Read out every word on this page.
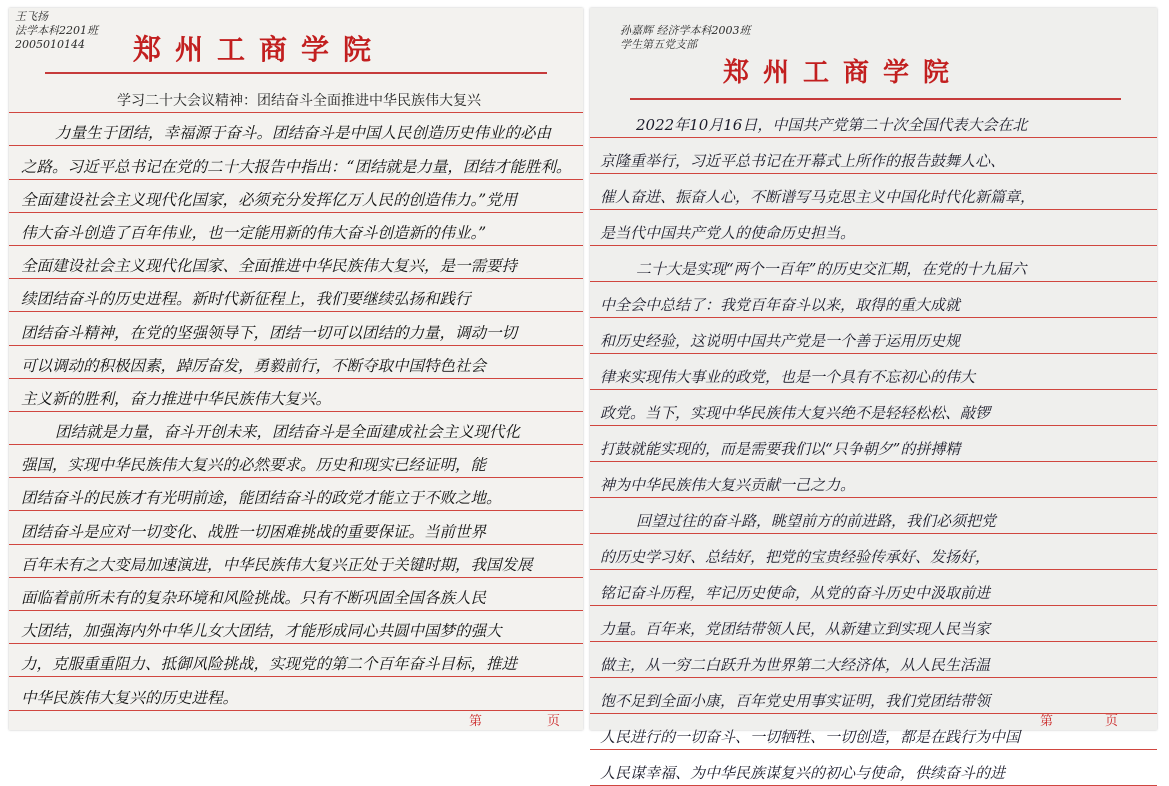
王飞扬
法学本科2201班
2005010144	郑州工商学院
学习二十大会议精神：团结奋斗全面推进中华民族伟大复兴
力量生于团结，幸福源于奋斗。团结奋斗是中国人民创造历史伟业的必由
之路。习近平总书记在党的二十大报告中指出：“团结就是力量，团结才能胜利。
全面建设社会主义现代化国家，必须充分发挥亿万人民的创造伟力。”党用
伟大奋斗创造了百年伟业，也一定能用新的伟大奋斗创造新的伟业。”
全面建设社会主义现代化国家、全面推进中华民族伟大复兴，是一需要持
续团结奋斗的历史进程。新时代新征程上，我们要继续弘扬和践行
团结奋斗精神，在党的坚强领导下，团结一切可以团结的力量，调动一切
可以调动的积极因素，踔厉奋发，勇毅前行，不断夺取中国特色社会
主义新的胜利，奋力推进中华民族伟大复兴。
团结就是力量，奋斗开创未来，团结奋斗是全面建成社会主义现代化
强国，实现中华民族伟大复兴的必然要求。历史和现实已经证明，能
团结奋斗的民族才有光明前途，能团结奋斗的政党才能立于不败之地。
团结奋斗是应对一切变化、战胜一切困难挑战的重要保证。当前世界
百年未有之大变局加速演进，中华民族伟大复兴正处于关键时期，我国发展
面临着前所未有的复杂环境和风险挑战。只有不断巩固全国各族人民
大团结，加强海内外中华儿女大团结，才能形成同心共圆中国梦的强大
力，克服重重阻力、抵御风险挑战，实现党的第二个百年奋斗目标，推进
中华民族伟大复兴的历史进程。
第	页
孙嘉辉 经济学本科2003班
学生第五党支部
郑州工商学院
2022年10月16日，中国共产党第二十次全国代表大会在北
京隆重举行，习近平总书记在开幕式上所作的报告鼓舞人心、
催人奋进、振奋人心，不断谱写马克思主义中国化时代化新篇章，
是当代中国共产党人的使命历史担当。
二十大是实现“两个一百年”的历史交汇期，在党的十九届六
中全会中总结了：我党百年奋斗以来，取得的重大成就
和历史经验，这说明中国共产党是一个善于运用历史规
律来实现伟大事业的政党，也是一个具有不忘初心的伟大
政党。当下，实现中华民族伟大复兴绝不是轻轻松松、敲锣
打鼓就能实现的，而是需要我们以“只争朝夕”的拼搏精
神为中华民族伟大复兴贡献一己之力。
回望过往的奋斗路，眺望前方的前进路，我们必须把党
的历史学习好、总结好，把党的宝贵经验传承好、发扬好，
铭记奋斗历程，牢记历史使命，从党的奋斗历史中汲取前进
力量。百年来，党团结带领人民，从新建立到实现人民当家
做主，从一穷二白跃升为世界第二大经济体，从人民生活温
饱不足到全面小康，百年党史用事实证明，我们党团结带领
人民进行的一切奋斗、一切牺牲、一切创造，都是在践行为中国
人民谋幸福、为中华民族谋复兴的初心与使命，供续奋斗的进
第	页
